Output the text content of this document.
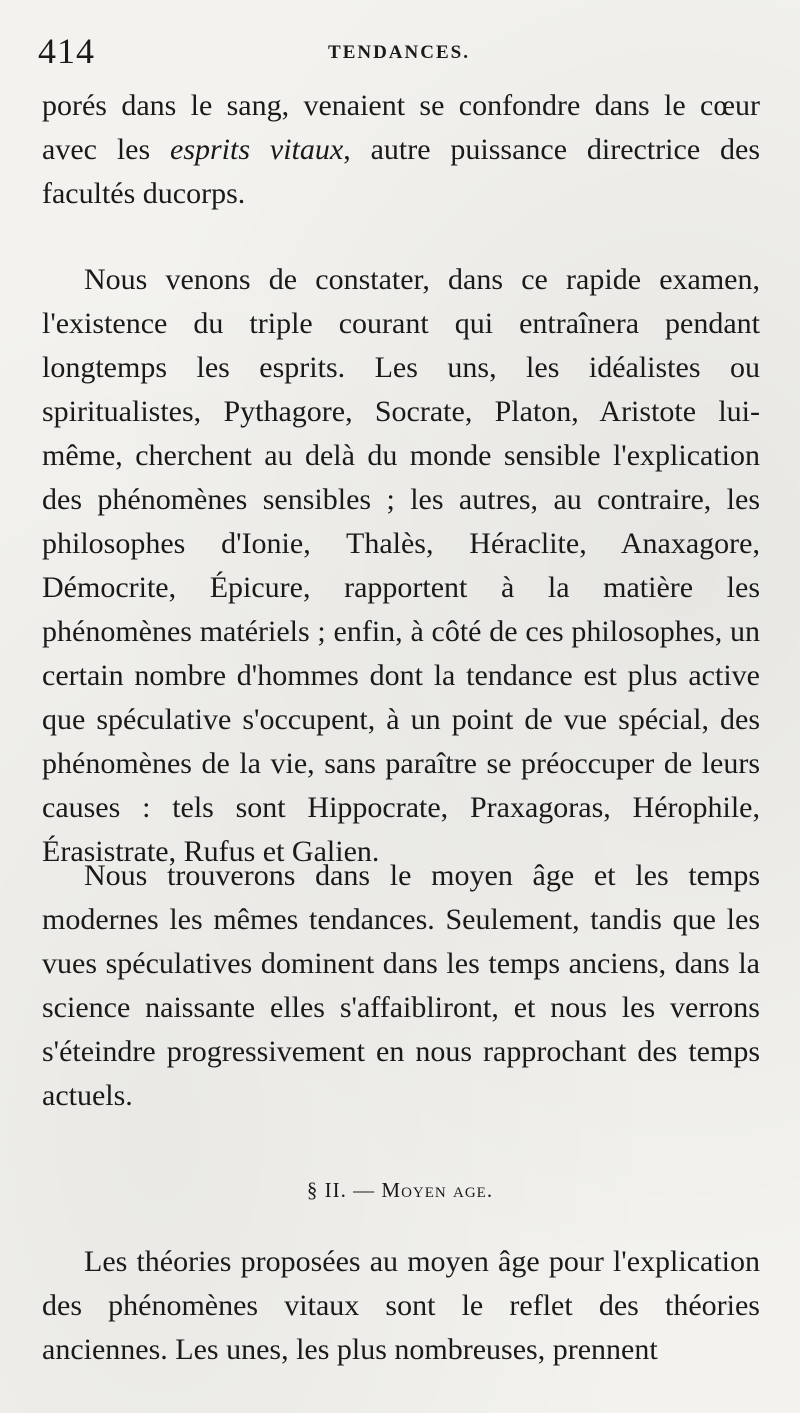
414	TENDANCES.

porés dans le sang, venaient se confondre dans le cœur avec les esprits vitaux, autre puissance directrice des facultés ducorps.

Nous venons de constater, dans ce rapide examen, l'existence du triple courant qui entraînera pendant longtemps les esprits. Les uns, les idéalistes ou spiritualistes, Pythagore, Socrate, Platon, Aristote lui-même, cherchent au delà du monde sensible l'explication des phénomènes sensibles ; les autres, au contraire, les philosophes d'Ionie, Thalès, Héraclite, Anaxagore, Démocrite, Épicure, rapportent à la matière les phénomènes matériels ; enfin, à côté de ces philosophes, un certain nombre d'hommes dont la tendance est plus active que spéculative s'occupent, à un point de vue spécial, des phénomènes de la vie, sans paraître se préoccuper de leurs causes : tels sont Hippocrate, Praxagoras, Hérophile, Érasistrate, Rufus et Galien.

Nous trouverons dans le moyen âge et les temps modernes les mêmes tendances. Seulement, tandis que les vues spéculatives dominent dans les temps anciens, dans la science naissante elles s'affaibliront, et nous les verrons s'éteindre progressivement en nous rapprochant des temps actuels.

§ II. — Moyen age.

Les théories proposées au moyen âge pour l'explication des phénomènes vitaux sont le reflet des théories anciennes. Les unes, les plus nombreuses, prennent
